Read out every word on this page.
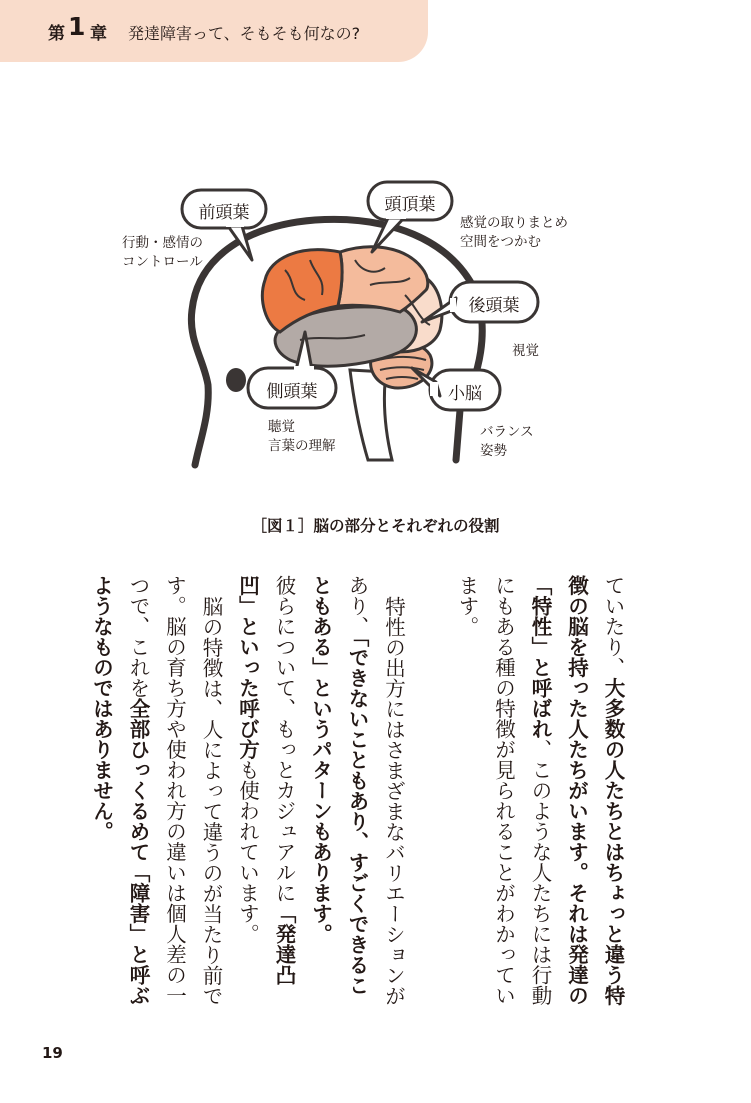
第 1 章 発達障害って、そもそも何なの?
前頭葉	頭頂葉
後頭葉
側頭葉	小脳
行動・感情の
コントロール
感覚の取りまとめ
空間をつかむ
視覚
聴覚
言葉の理解
バランス
姿勢
［図１］脳の部分とそれぞれの役割

ていたり、大多数の人たちとはちょっと違う特徴の脳を持った人たちがいます。それは発達の「特性」と呼ばれ、このような人たちには行動にもある種の特徴が見られることがわかっています。

特性の出方にはさまざまなバリエーションがあり、「できないこともあり、すごくできることもある」というパターンもあります。
彼らについて、もっとカジュアルに「発達凸凹」といった呼び方も使われています。

脳の特徴は、人によって違うのが当たり前です。脳の育ち方や使われ方の違いは個人差の一つで、これを全部ひっくるめて「障害」と呼ぶようなものではありません。

19
